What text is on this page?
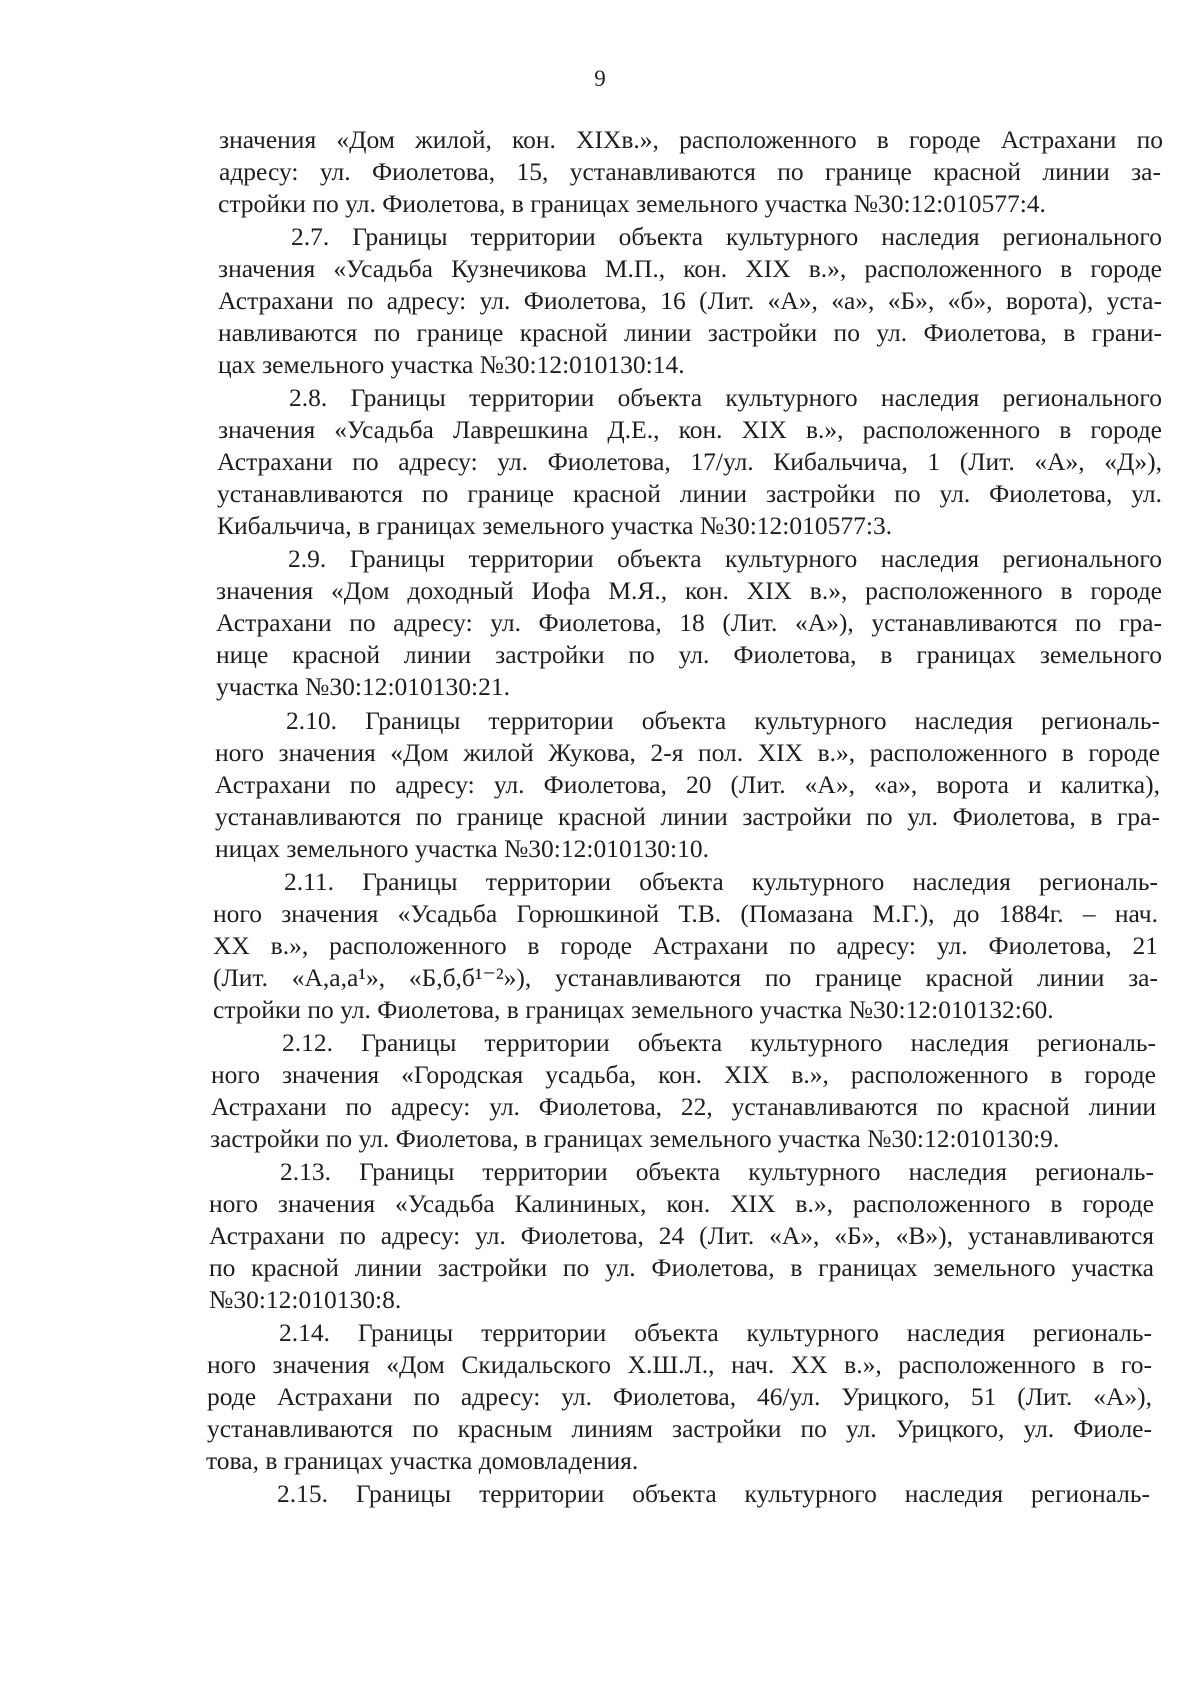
9
значения «Дом жилой, кон. XIXв.», расположенного в городе Астрахани по
адресу: ул. Фиолетова, 15, устанавливаются по границе красной линии за-
стройки по ул. Фиолетова, в границах земельного участка №30:12:010577:4.
2.7. Границы территории объекта культурного наследия регионального
значения «Усадьба Кузнечикова М.П., кон. XIX в.», расположенного в городе
Астрахани по адресу: ул. Фиолетова, 16 (Лит. «А», «а», «Б», «б», ворота), уста-
навливаются по границе красной линии застройки по ул. Фиолетова, в грани-
цах земельного участка №30:12:010130:14.
2.8. Границы территории объекта культурного наследия регионального
значения «Усадьба Лаврешкина Д.Е., кон. XIX в.», расположенного в городе
Астрахани по адресу: ул. Фиолетова, 17/ул. Кибальчича, 1 (Лит. «А», «Д»),
устанавливаются по границе красной линии застройки по ул. Фиолетова, ул.
Кибальчича, в границах земельного участка №30:12:010577:3.
2.9. Границы территории объекта культурного наследия регионального
значения «Дом доходный Иофа М.Я., кон. XIX в.», расположенного в городе
Астрахани по адресу: ул. Фиолетова, 18 (Лит. «А»), устанавливаются по гра-
нице красной линии застройки по ул. Фиолетова, в границах земельного
участка №30:12:010130:21.
2.10. Границы территории объекта культурного наследия региональ-
ного значения «Дом жилой Жукова, 2-я пол. XIX в.», расположенного в городе
Астрахани по адресу: ул. Фиолетова, 20 (Лит. «А», «а», ворота и калитка),
устанавливаются по границе красной линии застройки по ул. Фиолетова, в гра-
ницах земельного участка №30:12:010130:10.
2.11. Границы территории объекта культурного наследия региональ-
ного значения «Усадьба Горюшкиной Т.В. (Помазана М.Г.), до 1884г. – нач.
XX в.», расположенного в городе Астрахани по адресу: ул. Фиолетова, 21
(Лит. «А,а,а¹», «Б,б,б¹⁻²»), устанавливаются по границе красной линии за-
стройки по ул. Фиолетова, в границах земельного участка №30:12:010132:60.
2.12. Границы территории объекта культурного наследия региональ-
ного значения «Городская усадьба, кон. XIX в.», расположенного в городе
Астрахани по адресу: ул. Фиолетова, 22, устанавливаются по красной линии
застройки по ул. Фиолетова, в границах земельного участка №30:12:010130:9.
2.13. Границы территории объекта культурного наследия региональ-
ного значения «Усадьба Калининых, кон. XIX в.», расположенного в городе
Астрахани по адресу: ул. Фиолетова, 24 (Лит. «А», «Б», «В»), устанавливаются
по красной линии застройки по ул. Фиолетова, в границах земельного участка
№30:12:010130:8.
2.14. Границы территории объекта культурного наследия региональ-
ного значения «Дом Скидальского Х.Ш.Л., нач. XX в.», расположенного в го-
роде Астрахани по адресу: ул. Фиолетова, 46/ул. Урицкого, 51 (Лит. «А»),
устанавливаются по красным линиям застройки по ул. Урицкого, ул. Фиоле-
това, в границах участка домовладения.
2.15. Границы территории объекта культурного наследия региональ-
